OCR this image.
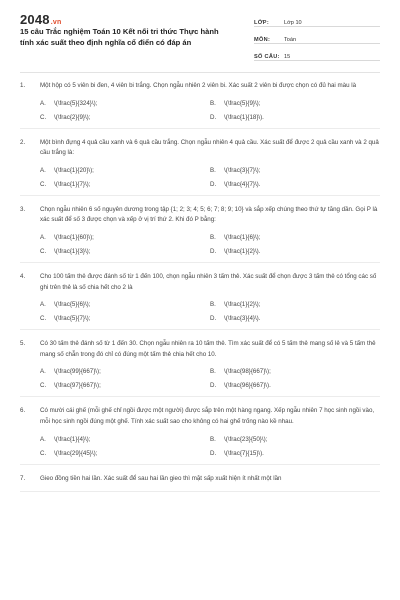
2048.vn
15 câu Trắc nghiệm Toán 10 Kết nối tri thức Thực hành tính xác suất theo định nghĩa cổ điển có đáp án
LỚP:	Lớp 10
MÔN:	Toán
SỐ CÂU: 15
1.	Một hộp có 5 viên bi đen, 4 viên bi trắng. Chọn ngẫu nhiên 2 viên bi. Xác suất 2 viên bi được chọn có đủ hai màu là
A.	\(\frac{5}{324}\);	B.	\(\frac{5}{9}\);
C.	\(\frac{2}{9}\);	D.	\(\frac{1}{18}\).
2.	Một bình đựng 4 quả cầu xanh và 6 quả cầu trắng. Chọn ngẫu nhiên 4 quả cầu. Xác suất để được 2 quả cầu xanh và 2 quả cầu trắng là:
A.	\(\frac{1}{20}\);	B.	\(\frac{3}{7}\);
C.	\(\frac{1}{7}\);	D.	\(\frac{4}{7}\).
3.	Chọn ngẫu nhiên 6 số nguyên dương trong tập {1; 2; 3; 4; 5; 6; 7; 8; 9; 10} và sắp xếp chúng theo thứ tự tăng dần. Gọi P là xác suất để số 3 được chọn và xếp ở vị trí thứ 2. Khi đó P bằng:
A.	\(\frac{1}{60}\);	B.	\(\frac{1}{6}\);
C.	\(\frac{1}{3}\);	D.	\(\frac{1}{2}\).
4.	Cho 100 tấm thẻ được đánh số từ 1 đến 100, chọn ngẫu nhiên 3 tấm thẻ. Xác suất để chọn được 3 tấm thẻ có tổng các số ghi trên thẻ là số chia hết cho 2 là
A.	\(\frac{5}{6}\);	B.	\(\frac{1}{2}\);
C.	\(\frac{5}{7}\);	D.	\(\frac{3}{4}\).
5.	Có 30 tấm thẻ đánh số từ 1 đến 30. Chọn ngẫu nhiên ra 10 tấm thẻ. Tìm xác suất để có 5 tấm thẻ mang số lẻ và 5 tấm thẻ mang số chẵn trong đó chỉ có đúng một tấm thẻ chia hết cho 10.
A.	\(\frac{99}{667}\);	B.	\(\frac{98}{667}\);
C.	\(\frac{97}{667}\);	D.	\(\frac{96}{667}\).
6.	Có mười cái ghế (mỗi ghế chỉ ngồi được một người) được sắp trên một hàng ngang. Xếp ngẫu nhiên 7 học sinh ngồi vào, mỗi học sinh ngồi đúng một ghế. Tính xác suất sao cho không có hai ghế trống nào kề nhau.
A.	\(\frac{1}{4}\);	B.	\(\frac{23}{50}\);
C.	\(\frac{29}{45}\);	D.	\(\frac{7}{15}\).
7.	Gieo đồng tiền hai lần. Xác suất để sau hai lần gieo thì mặt sấp xuất hiện ít nhất một lần
